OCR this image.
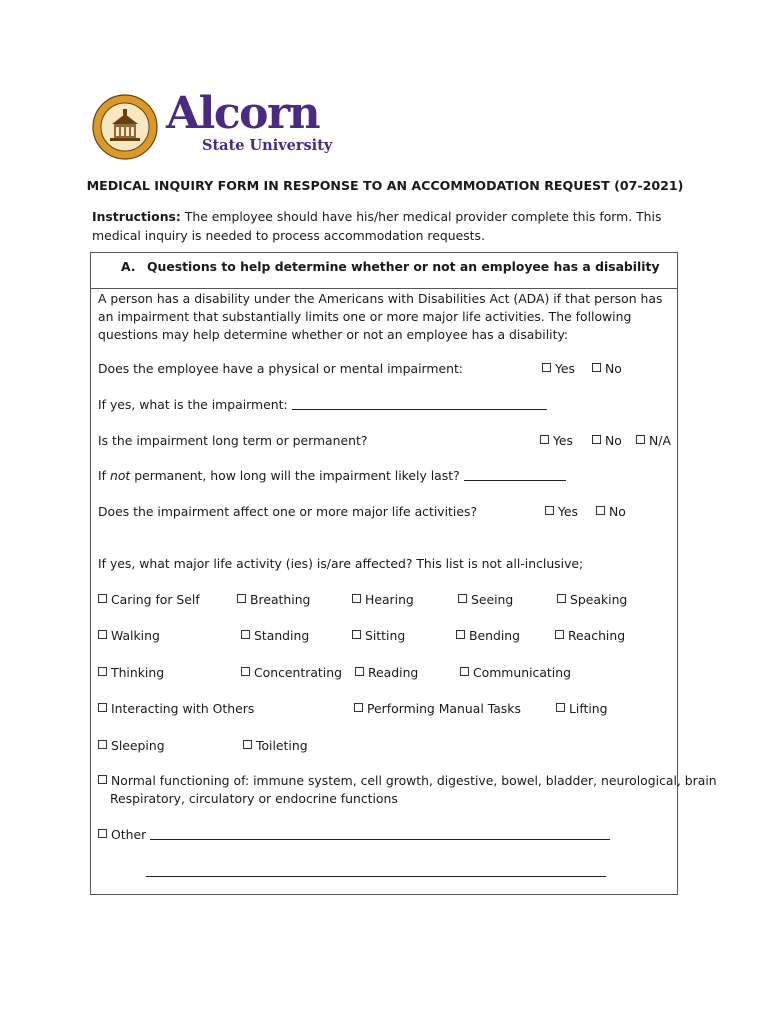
Alcorn
State University
MEDICAL INQUIRY FORM IN RESPONSE TO AN ACCOMMODATION REQUEST (07-2021)
Instructions: The employee should have his/her medical provider complete this form. This medical inquiry is needed to process accommodation requests.
A. Questions to help determine whether or not an employee has a disability
A person has a disability under the Americans with Disabilities Act (ADA) if that person has an impairment that substantially limits one or more major life activities. The following questions may help determine whether or not an employee has a disability:
Does the employee have a physical or mental impairment:	Yes	No
If yes, what is the impairment:
Is the impairment long term or permanent?	Yes	No	N/A
If not permanent, how long will the impairment likely last?
Does the impairment affect one or more major life activities?	Yes	No
If yes, what major life activity (ies) is/are affected? This list is not all-inclusive;
Caring for Self	Breathing	Hearing	Seeing	Speaking
Walking	Standing	Sitting	Bending	Reaching
Thinking	Concentrating	Reading	Communicating
Interacting with Others	Performing Manual Tasks	Lifting
Sleeping	Toileting
Normal functioning of: immune system, cell growth, digestive, bowel, bladder, neurological, brain
Respiratory, circulatory or endocrine functions
Other
